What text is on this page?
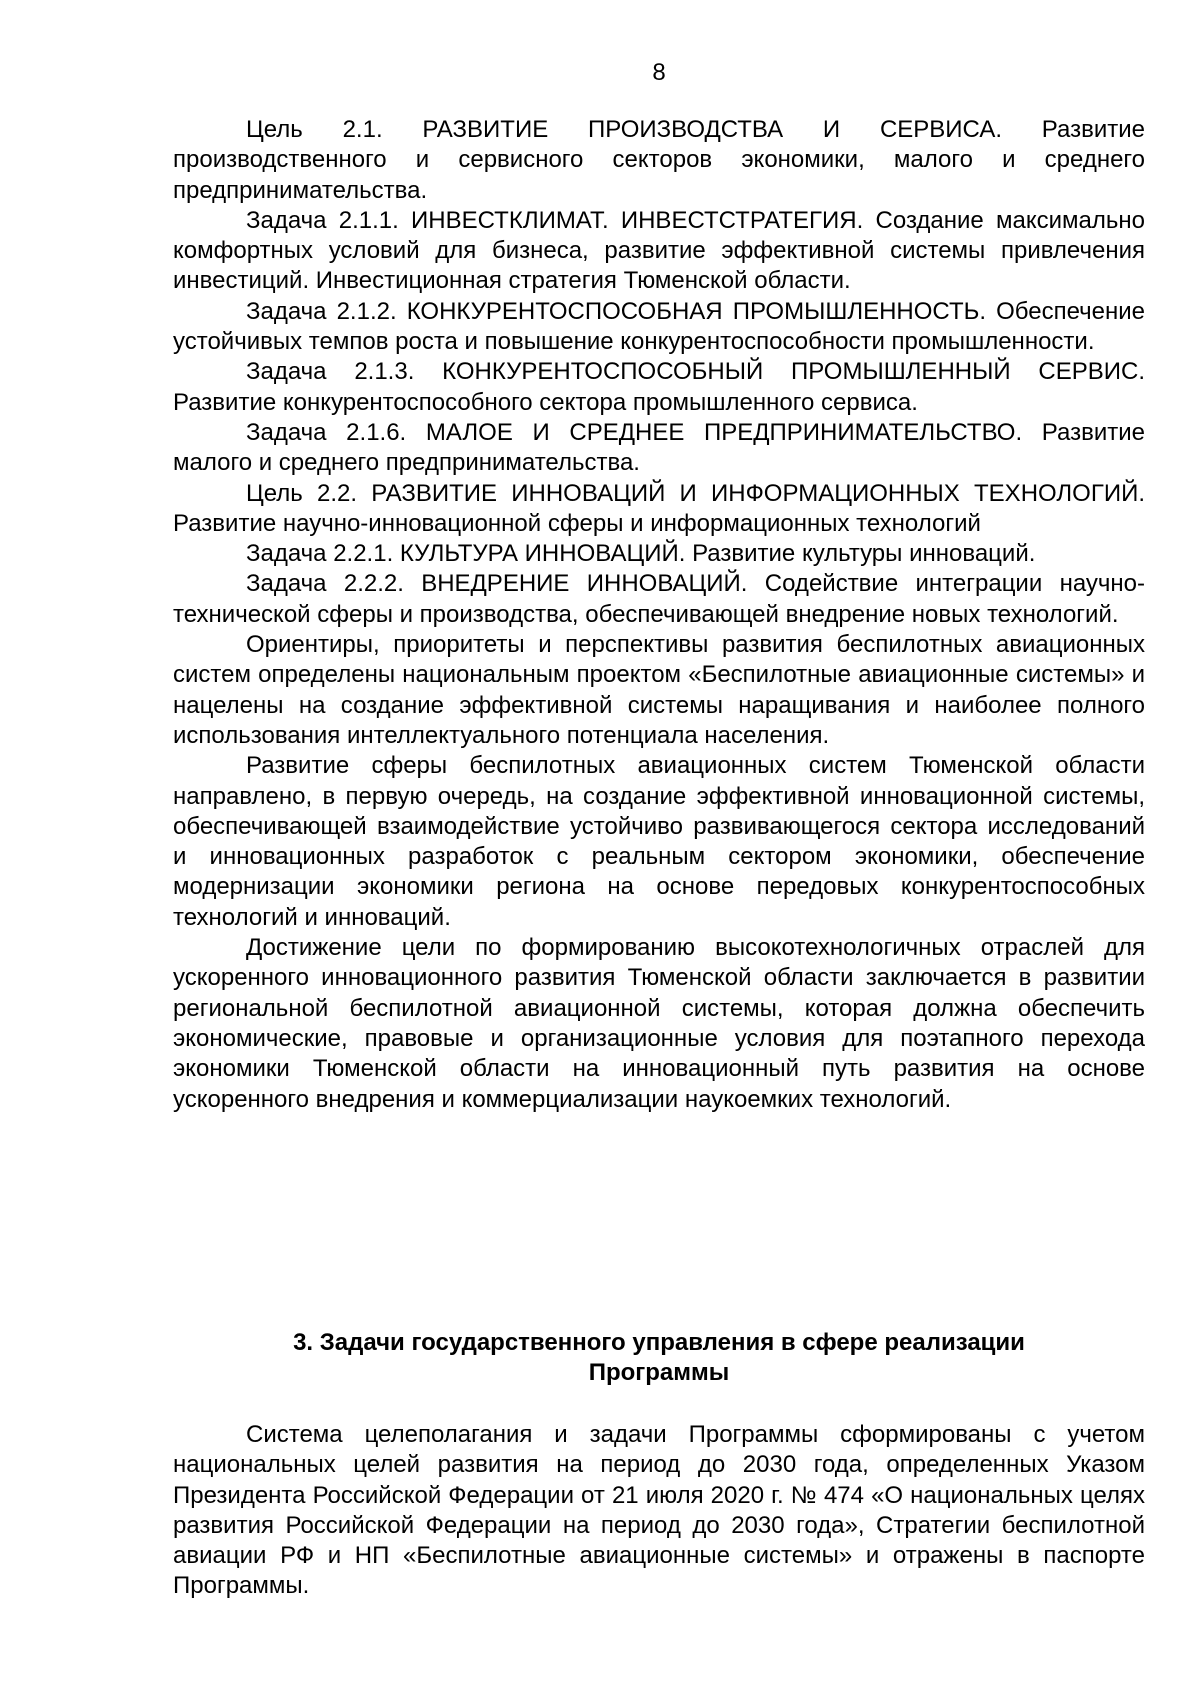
8

Цель 2.1. РАЗВИТИЕ ПРОИЗВОДСТВА И СЕРВИСА. Развитие производственного и сервисного секторов экономики, малого и среднего предпринимательства.

Задача 2.1.1. ИНВЕСТКЛИМАТ. ИНВЕСТСТРАТЕГИЯ. Создание максимально комфортных условий для бизнеса, развитие эффективной системы привлечения инвестиций. Инвестиционная стратегия Тюменской области.

Задача 2.1.2. КОНКУРЕНТОСПОСОБНАЯ ПРОМЫШЛЕННОСТЬ. Обеспечение устойчивых темпов роста и повышение конкурентоспособности промышленности.

Задача 2.1.3. КОНКУРЕНТОСПОСОБНЫЙ ПРОМЫШЛЕННЫЙ СЕРВИС. Развитие конкурентоспособного сектора промышленного сервиса.

Задача 2.1.6. МАЛОЕ И СРЕДНЕЕ ПРЕДПРИНИМАТЕЛЬСТВО. Развитие малого и среднего предпринимательства.

Цель 2.2. РАЗВИТИЕ ИННОВАЦИЙ И ИНФОРМАЦИОННЫХ ТЕХНОЛОГИЙ. Развитие научно-инновационной сферы и информационных технологий

Задача 2.2.1. КУЛЬТУРА ИННОВАЦИЙ. Развитие культуры инноваций.

Задача 2.2.2. ВНЕДРЕНИЕ ИННОВАЦИЙ. Содействие интеграции научно-технической сферы и производства, обеспечивающей внедрение новых технологий.

Ориентиры, приоритеты и перспективы развития беспилотных авиационных систем определены национальным проектом «Беспилотные авиационные системы» и нацелены на создание эффективной системы наращивания и наиболее полного использования интеллектуального потенциала населения.

Развитие сферы беспилотных авиационных систем Тюменской области направлено, в первую очередь, на создание эффективной инновационной системы, обеспечивающей взаимодействие устойчиво развивающегося сектора исследований и инновационных разработок с реальным сектором экономики, обеспечение модернизации экономики региона на основе передовых конкурентоспособных технологий и инноваций.

Достижение цели по формированию высокотехнологичных отраслей для ускоренного инновационного развития Тюменской области заключается в развитии региональной беспилотной авиационной системы, которая должна обеспечить экономические, правовые и организационные условия для поэтапного перехода экономики Тюменской области на инновационный путь развития на основе ускоренного внедрения и коммерциализации наукоемких технологий.

3. Задачи государственного управления в сфере реализации
Программы

Система целеполагания и задачи Программы сформированы с учетом национальных целей развития на период до 2030 года, определенных Указом Президента Российской Федерации от 21 июля 2020 г. № 474 «О национальных целях развития Российской Федерации на период до 2030 года», Стратегии беспилотной авиации РФ и НП «Беспилотные авиационные системы» и отражены в паспорте Программы.
